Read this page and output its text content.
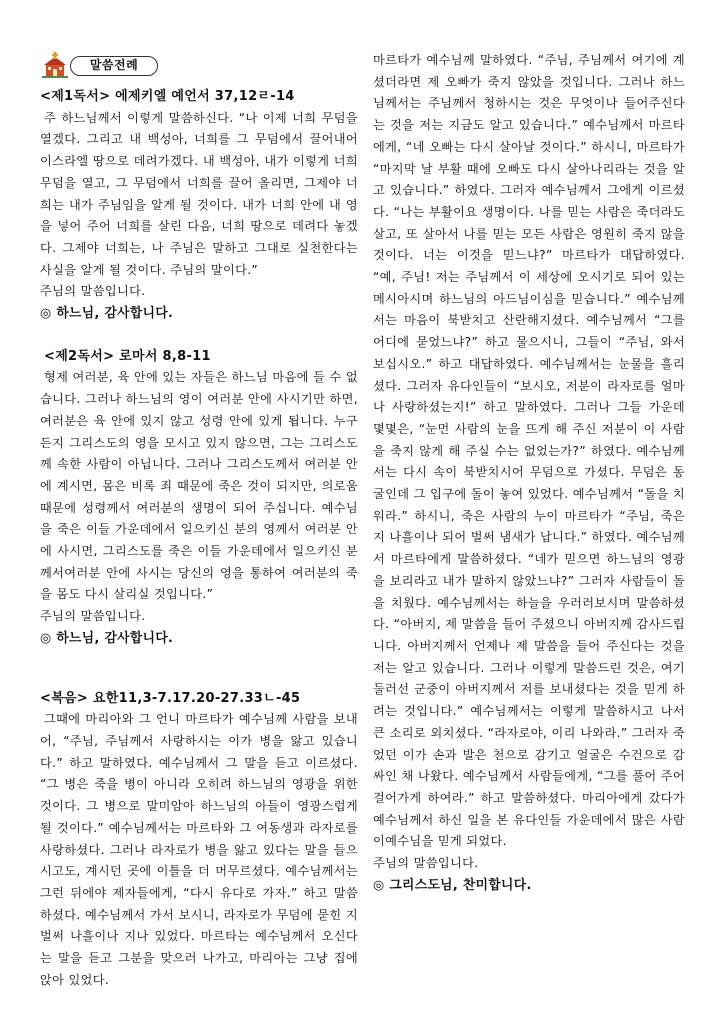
말씀전례

<제1독서> 에제키엘 예언서 37,12ㄹ-14

주 하느님께서 이렇게 말씀하신다. “나 이제 너희 무덤을 열겠다. 그리고 내 백성아, 너희를 그 무덤에서 끌어내어 이스라엘 땅으로 데려가겠다. 내 백성아, 내가 이렇게 너희 무덤을 열고, 그 무덤에서 너희를 끌어 올리면, 그제야 너희는 내가 주님임을 알게 될 것이다. 내가 너희 안에 내 영을 넣어 주어 너희를 살린 다음, 너희 땅으로 데려다 놓겠다. 그제야 너희는, 나 주님은 말하고 그대로 실천한다는 사실을 알게 될 것이다. 주님의 말이다.”

주님의 말씀입니다.

◎ 하느님, 감사합니다.

<제2독서> 로마서 8,8-11

형제 여러분, 육 안에 있는 자들은 하느님 마음에 들 수 없습니다. 그러나 하느님의 영이 여러분 안에 사시기만 하면, 여러분은 육 안에 있지 않고 성령 안에 있게 됩니다. 누구든지 그리스도의 영을 모시고 있지 않으면, 그는 그리스도께 속한 사람이 아닙니다. 그러나 그리스도께서 여러분 안에 계시면, 몸은 비록 죄 때문에 죽은 것이 되지만, 의로움 때문에 성령께서 여러분의 생명이 되어 주십니다. 예수님을 죽은 이들 가운데에서 일으키신 분의 영께서 여러분 안에 사시면, 그리스도를 죽은 이들 가운데에서 일으키신 분께서여러분 안에 사시는 당신의 영을 통하여 여러분의 죽을 몸도 다시 살리실 것입니다.”

주님의 말씀입니다.

◎ 하느님, 감사합니다.

<복음> 요한11,3-7.17.20-27.33ㄴ-45

그때에 마리아와 그 언니 마르타가 예수님께 사람을 보내어, “주님, 주님께서 사랑하시는 이가 병을 앓고 있습니다.” 하고 말하였다. 예수님께서 그 말을 듣고 이르셨다. “그 병은 죽을 병이 아니라 오히려 하느님의 영광을 위한 것이다. 그 병으로 말미암아 하느님의 아들이 영광스럽게 될 것이다.” 예수님께서는 마르타와 그 여동생과 라자로를 사랑하셨다. 그러나 라자로가 병을 앓고 있다는 말을 들으시고도, 계시던 곳에 이틀을 더 머무르셨다. 예수님께서는 그런 뒤에야 제자들에게, “다시 유다로 가자.” 하고 말씀하셨다. 예수님께서 가서 보시니, 라자로가 무덤에 묻힌 지 벌써 나흘이나 지나 있었다. 마르타는 예수님께서 오신다는 말을 듣고 그분을 맞으러 나가고, 마리아는 그냥 집에 앉아 있었다.

마르타가 예수님께 말하였다. “주님, 주님께서 여기에 계셨더라면 제 오빠가 죽지 않았을 것입니다. 그러나 하느님께서는 주님께서 청하시는 것은 무엇이나 들어주신다는 것을 저는 지금도 알고 있습니다.” 예수님께서 마르타에게, “네 오빠는 다시 살아날 것이다.” 하시니, 마르타가 “마지막 날 부활 때에 오빠도 다시 살아나리라는 것을 알고 있습니다.” 하였다. 그러자 예수님께서 그에게 이르셨다. “나는 부활이요 생명이다. 나를 믿는 사람은 죽더라도 살고, 또 살아서 나를 믿는 모든 사람은 영원히 죽지 않을 것이다. 너는 이것을 믿느냐?” 마르타가 대답하였다. “예, 주님! 저는 주님께서 이 세상에 오시기로 되어 있는 메시아시며 하느님의 아드님이심을 믿습니다.” 예수님께서는 마음이 북받치고 산란해지셨다. 예수님께서 “그를 어디에 묻었느냐?” 하고 물으시니, 그들이 “주님, 와서 보십시오.” 하고 대답하였다. 예수님께서는 눈물을 흘리셨다. 그러자 유다인들이 “보시오, 저분이 라자로를 얼마나 사랑하셨는지!” 하고 말하였다. 그러나 그들 가운데 몇몇은, “눈먼 사람의 눈을 뜨게 해 주신 저분이 이 사람을 죽지 않게 해 주실 수는 없었는가?” 하였다. 예수님께서는 다시 속이 북받치시어 무덤으로 가셨다. 무덤은 동굴인데 그 입구에 돌이 놓여 있었다. 예수님께서 “돌을 치워라.” 하시니, 죽은 사람의 누이 마르타가 “주님, 죽은 지 나흘이나 되어 벌써 냄새가 납니다.” 하였다. 예수님께서 마르타에게 말씀하셨다. “네가 믿으면 하느님의 영광을 보리라고 내가 말하지 않았느냐?” 그러자 사람들이 돌을 치웠다. 예수님께서는 하늘을 우러러보시며 말씀하셨다. “아버지, 제 말씀을 들어 주셨으니 아버지께 감사드립니다. 아버지께서 언제나 제 말씀을 들어 주신다는 것을 저는 알고 있습니다. 그러나 이렇게 말씀드린 것은, 여기 둘러선 군중이 아버지께서 저를 보내셨다는 것을 믿게 하려는 것입니다.” 예수님께서는 이렇게 말씀하시고 나서 큰 소리로 외치셨다. “라자로야, 이리 나와라.” 그러자 죽었던 이가 손과 발은 천으로 감기고 얼굴은 수건으로 감싸인 채 나왔다. 예수님께서 사람들에게, “그를 풀어 주어 걸어가게 하여라.” 하고 말씀하셨다. 마리아에게 갔다가 예수님께서 하신 일을 본 유다인들 가운데에서 많은 사람이예수님을 믿게 되었다.

주님의 말씀입니다.

◎ 그리스도님, 찬미합니다.
